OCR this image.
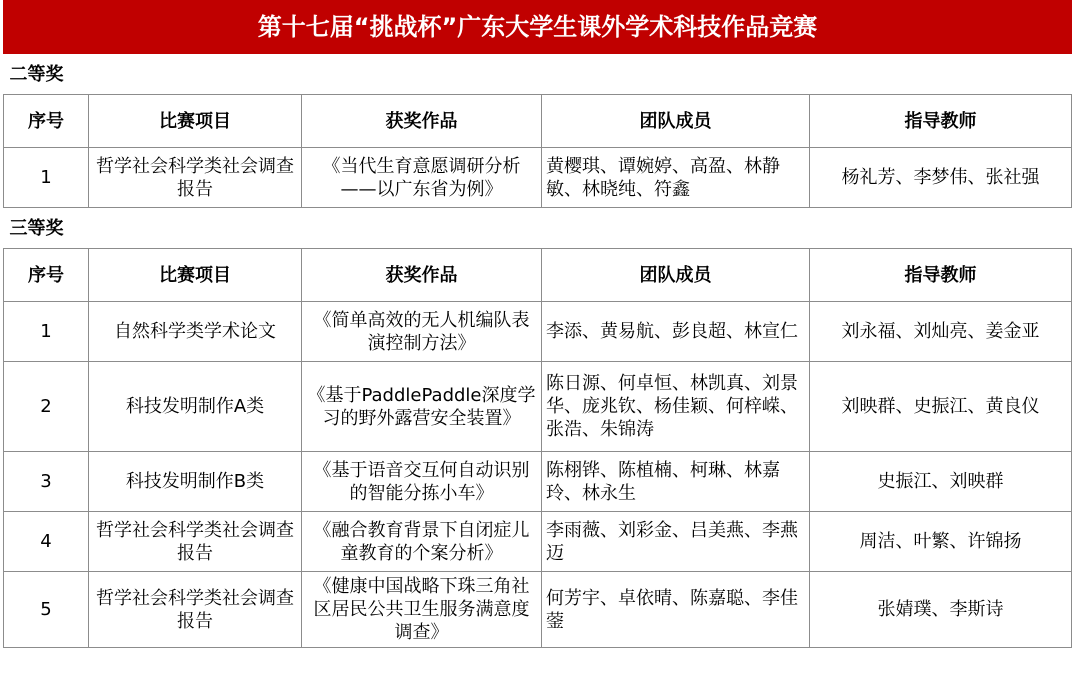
第十七届“挑战杯”广东大学生课外学术科技作品竞赛				
二等奖				
序号	比赛项目	获奖作品	团队成员	指导教师
1	哲学社会科学类社会调查报告	《当代生育意愿调研分析——以广东省为例》	黄樱琪、谭婉婷、高盈、林静敏、林晓纯、符鑫	杨礼芳、李梦伟、张社强
三等奖				
序号	比赛项目	获奖作品	团队成员	指导教师
1	自然科学类学术论文	《简单高效的无人机编队表演控制方法》	李添、黄易航、彭良超、林宣仁	刘永福、刘灿亮、姜金亚
2	科技发明制作A类	《基于PaddlePaddle深度学习的野外露营安全装置》	陈日源、何卓恒、林凯真、刘景华、庞兆钦、杨佳颖、何梓嵘、张浩、朱锦涛	刘映群、史振江、黄良仪
3	科技发明制作B类	《基于语音交互何自动识别的智能分拣小车》	陈栩铧、陈植楠、柯琳、林嘉玲、林永生	史振江、刘映群
4	哲学社会科学类社会调查报告	《融合教育背景下自闭症儿童教育的个案分析》	李雨薇、刘彩金、吕美燕、李燕迈	周洁、叶繁、许锦扬
5	哲学社会科学类社会调查报告	《健康中国战略下珠三角社区居民公共卫生服务满意度调查》	何芳宇、卓依晴、陈嘉聪、李佳蓥	张婧璞、李斯诗
